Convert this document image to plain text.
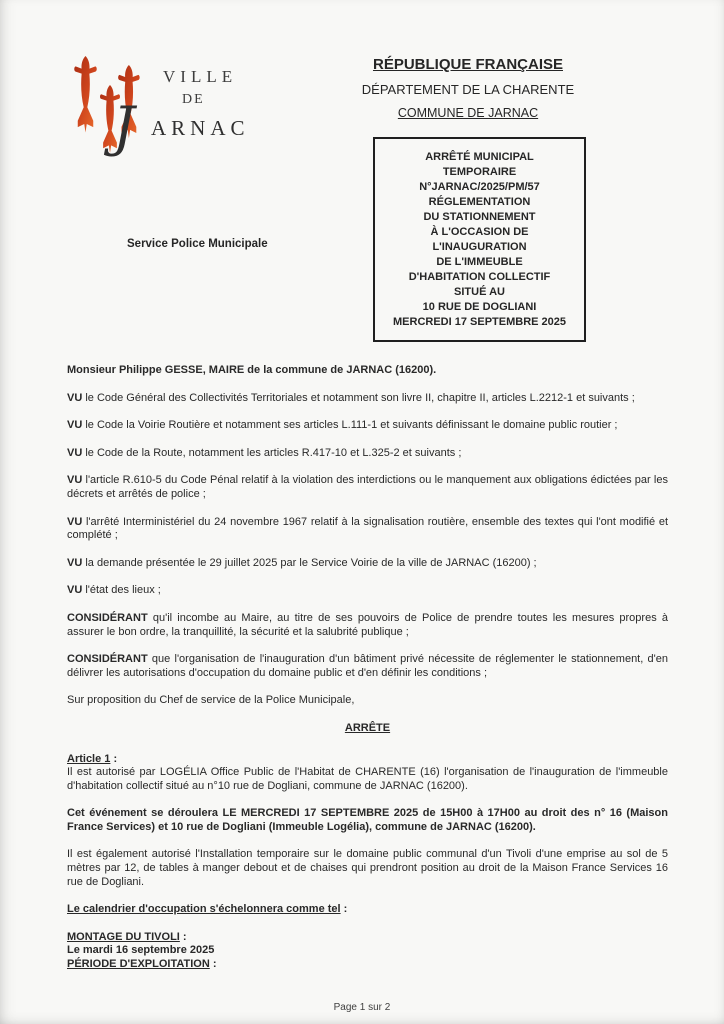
VILLE
DE
J ARNAC
RÉPUBLIQUE FRANÇAISE
DÉPARTEMENT DE LA CHARENTE
COMMUNE DE JARNAC
ARRÊTÉ MUNICIPAL
TEMPORAIRE
N°JARNAC/2025/PM/57
RÉGLEMENTATION
DU STATIONNEMENT
À L'OCCASION DE
L'INAUGURATION
DE L'IMMEUBLE
D'HABITATION COLLECTIF
SITUÉ AU
10 RUE DE DOGLIANI
MERCREDI 17 SEPTEMBRE 2025
Service Police Municipale

Monsieur Philippe GESSE, MAIRE de la commune de JARNAC (16200).

VU le Code Général des Collectivités Territoriales et notamment son livre II, chapitre II, articles L.2212-1 et suivants ;

VU le Code la Voirie Routière et notamment ses articles L.111-1 et suivants définissant le domaine public routier ;

VU le Code de la Route, notamment les articles R.417-10 et L.325-2 et suivants ;

VU l'article R.610-5 du Code Pénal relatif à la violation des interdictions ou le manquement aux obligations édictées par les décrets et arrêtés de police ;

VU l'arrêté Interministériel du 24 novembre 1967 relatif à la signalisation routière, ensemble des textes qui l'ont modifié et complété ;

VU la demande présentée le 29 juillet 2025 par le Service Voirie de la ville de JARNAC (16200) ;

VU l'état des lieux ;

CONSIDÉRANT qu'il incombe au Maire, au titre de ses pouvoirs de Police de prendre toutes les mesures propres à assurer le bon ordre, la tranquillité, la sécurité et la salubrité publique ;

CONSIDÉRANT que l'organisation de l'inauguration d'un bâtiment privé nécessite de réglementer le stationnement, d'en délivrer les autorisations d'occupation du domaine public et d'en définir les conditions ;

Sur proposition du Chef de service de la Police Municipale,

ARRÊTE

Article 1 :
Il est autorisé par LOGÉLIA Office Public de l'Habitat de CHARENTE (16) l'organisation de l'inauguration de l'immeuble d'habitation collectif situé au n°10 rue de Dogliani, commune de JARNAC (16200).

Cet événement se déroulera LE MERCREDI 17 SEPTEMBRE 2025 de 15H00 à 17H00 au droit des n° 16 (Maison France Services) et 10 rue de Dogliani (Immeuble Logélia), commune de JARNAC (16200).

Il est également autorisé l'Installation temporaire sur le domaine public communal d'un Tivoli d'une emprise au sol de 5 mètres par 12, de tables à manger debout et de chaises qui prendront position au droit de la Maison France Services 16 rue de Dogliani.

Le calendrier d'occupation s'échelonnera comme tel :

MONTAGE DU TIVOLI :
Le mardi 16 septembre 2025
PÉRIODE D'EXPLOITATION :

Page 1 sur 2
